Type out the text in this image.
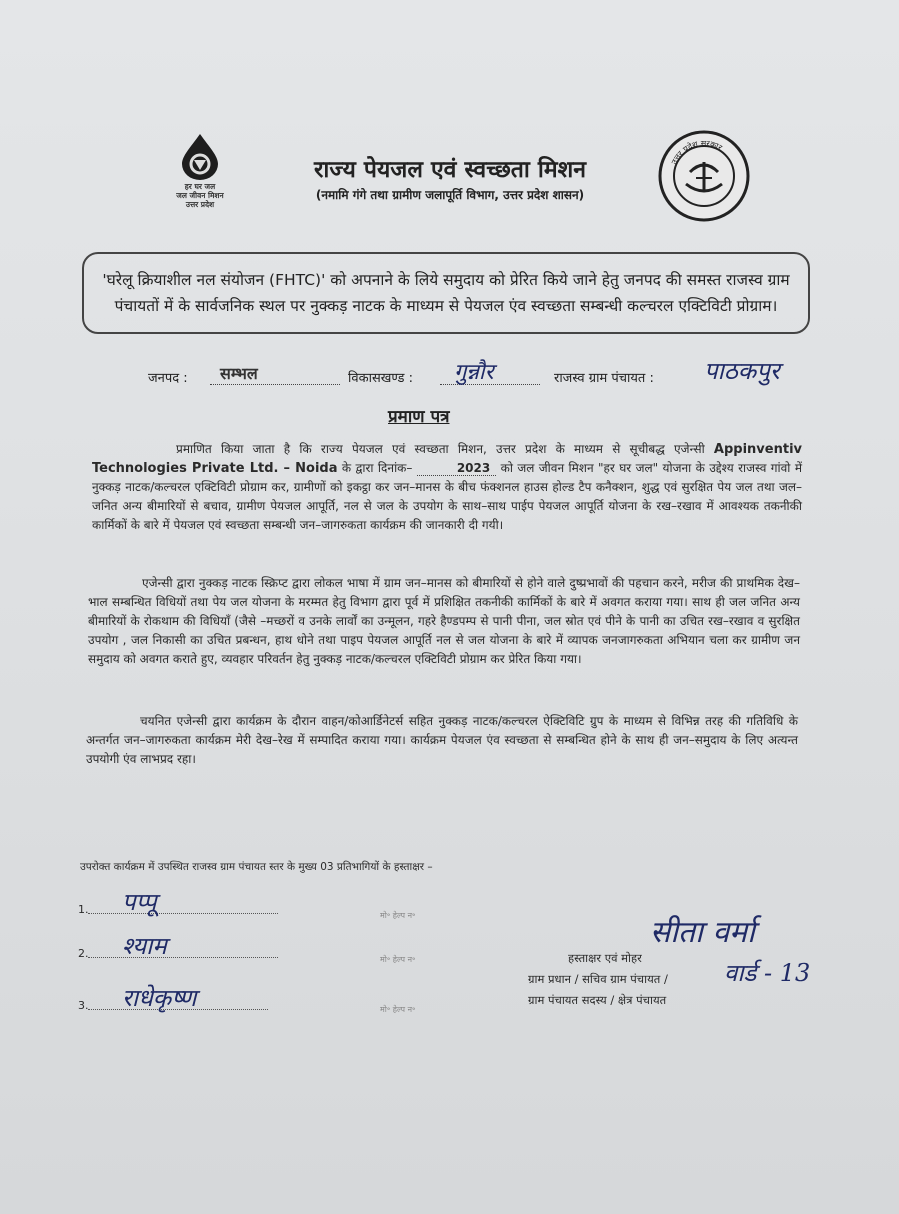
हर घर जल
जल जीवन मिशन
उत्तर प्रदेश
राज्य पेयजल एवं स्वच्छता मिशन
(नमामि गंगे तथा ग्रामीण जलापूर्ति विभाग, उत्तर प्रदेश शासन)
उत्तर प्रदेश सरकार
'घरेलू क्रियाशील नल संयोजन (FHTC)' को अपनाने के लिये समुदाय को प्रेरित किये जाने हेतु जनपद की समस्त राजस्व ग्राम पंचायतों में के सार्वजनिक स्थल पर नुक्कड़ नाटक के माध्यम से पेयजल एंव स्वच्छता सम्बन्धी कल्चरल एक्टिविटी प्रोग्राम।
जनपद : सम्भल	विकासखण्ड : गुन्नौर	राजस्व ग्राम पंचायत : पाठकपुर
प्रमाण पत्र
प्रमाणित किया जाता है कि राज्य पेयजल एवं स्वच्छता मिशन, उत्तर प्रदेश के माध्यम से सूचीबद्ध एजेन्सी Appinventiv Technologies Private Ltd. – Noida के द्वारा दिनांक–	2023 को जल जीवन मिशन "हर घर जल" योजना के उद्देश्य राजस्व गांवो में नुक्कड़ नाटक/कल्चरल एक्टिविटी प्रोग्राम कर, ग्रामीणों को इकट्ठा कर जन–मानस के बीच फंक्शनल हाउस होल्ड टैप कनैक्शन, शुद्ध एवं सुरक्षित पेय जल तथा जल–जनित अन्य बीमारियों से बचाव, ग्रामीण पेयजल आपूर्ति, नल से जल के उपयोग के साथ–साथ पाईप पेयजल आपूर्ति योजना के रख–रखाव में आवश्यक तकनीकी कार्मिकों के बारे में पेयजल एवं स्वच्छता सम्बन्धी जन–जागरुकता कार्यक्रम की जानकारी दी गयी।
एजेन्सी द्वारा नुक्कड़ नाटक स्क्रिप्ट द्वारा लोकल भाषा में ग्राम जन–मानस को बीमारियों से होने वाले दुष्प्रभावों की पहचान करने, मरीज की प्राथमिक देख–भाल सम्बन्धित विधियों तथा पेय जल योजना के मरम्मत हेतु विभाग द्वारा पूर्व में प्रशिक्षित तकनीकी कार्मिकों के बारे में अवगत कराया गया। साथ ही जल जनित अन्य बीमारियों के रोकथाम की विधियाँ (जैसे –मच्छरों व उनके लार्वों का उन्मूलन, गहरे हैण्डपम्प से पानी पीना, जल स्रोत एवं पीने के पानी का उचित रख–रखाव व सुरक्षित उपयोग , जल निकासी का उचित प्रबन्धन, हाथ धोने तथा पाइप पेयजल आपूर्ति नल से जल योजना के बारे में व्यापक जनजागरुकता अभियान चला कर ग्रामीण जन समुदाय को अवगत कराते हुए, व्यवहार परिवर्तन हेतु नुक्कड़ नाटक/कल्चरल एक्टिविटी प्रोग्राम कर प्रेरित किया गया।
चयनित एजेन्सी द्वारा कार्यक्रम के दौरान वाहन/कोआर्डिनेटर्स सहित नुक्कड़ नाटक/कल्चरल ऐक्टिविटि ग्रुप के माध्यम से विभिन्न तरह की गतिविधि के अन्तर्गत जन–जागरुकता कार्यक्रम मेरी देख–रेख में सम्पादित कराया गया। कार्यक्रम पेयजल एंव स्वच्छता से सम्बन्धित होने के साथ ही जन–समुदाय के लिए अत्यन्त उपयोगी एंव लाभप्रद रहा।
उपरोक्त कार्यक्रम में उपस्थित राजस्व ग्राम पंचायत स्तर के मुख्य 03 प्रतिभागियों के हस्ताक्षर –
1. पप्पू
2. श्याम
3. राधेकृष्ण
मो॰ हेल्प न॰
मो॰ हेल्प न॰
मो॰ हेल्प न॰
सीता वर्मा
वार्ड - 13
हस्ताक्षर एवं मोहर
ग्राम प्रधान / सचिव ग्राम पंचायत /
ग्राम पंचायत सदस्य / क्षेत्र पंचायत
